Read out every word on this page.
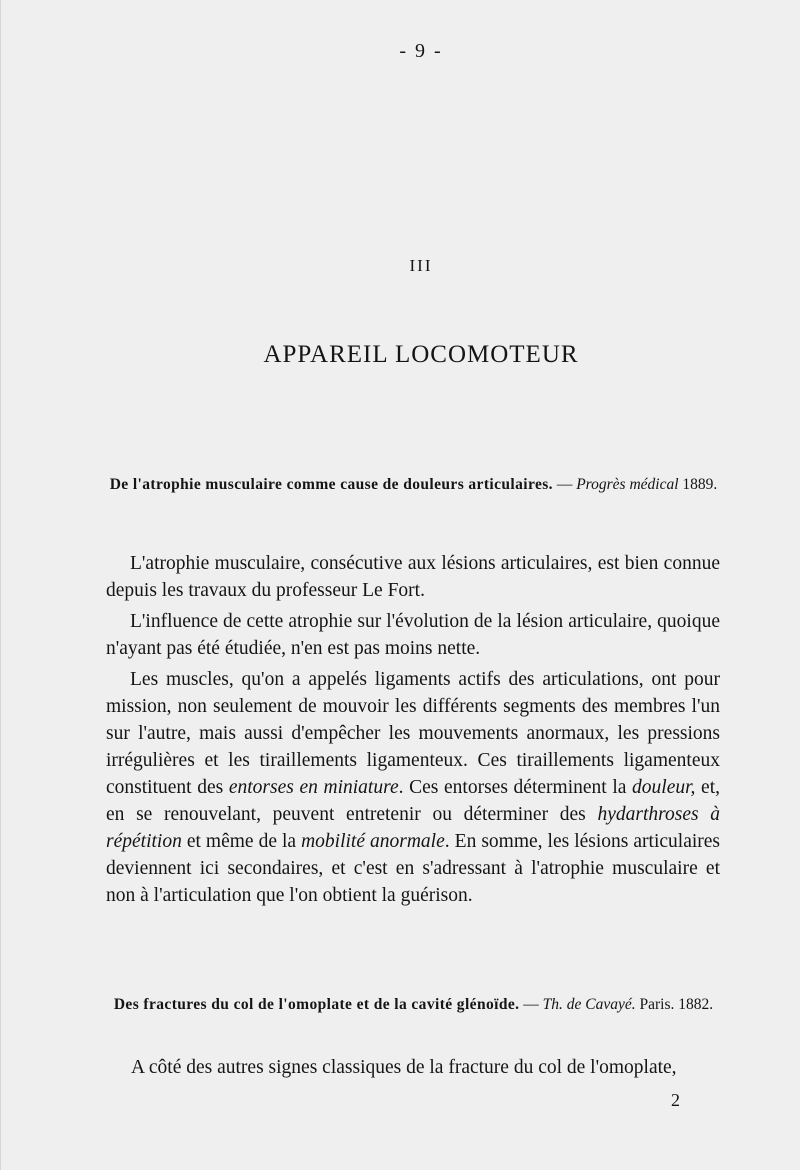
- 9 -
III
APPAREIL LOCOMOTEUR
De l'atrophie musculaire comme cause de douleurs articulaires. — Progrès médical 1889.

L'atrophie musculaire, consécutive aux lésions articulaires, est bien connue depuis les travaux du professeur Le Fort.

L'influence de cette atrophie sur l'évolution de la lésion articulaire, quoique n'ayant pas été étudiée, n'en est pas moins nette.

Les muscles, qu'on a appelés ligaments actifs des articulations, ont pour mission, non seulement de mouvoir les différents segments des membres l'un sur l'autre, mais aussi d'empêcher les mouvements anormaux, les pressions irrégulières et les tiraillements ligamenteux. Ces tiraillements ligamenteux constituent des entorses en miniature. Ces entorses déterminent la douleur, et, en se renouvelant, peuvent entretenir ou déterminer des hydarthroses à répétition et même de la mobilité anormale. En somme, les lésions articulaires deviennent ici secondaires, et c'est en s'adressant à l'atrophie musculaire et non à l'articulation que l'on obtient la guérison.

Des fractures du col de l'omoplate et de la cavité glénoïde. — Th. de Cavayé. Paris. 1882.
A côté des autres signes classiques de la fracture du col de l'omoplate,
2
